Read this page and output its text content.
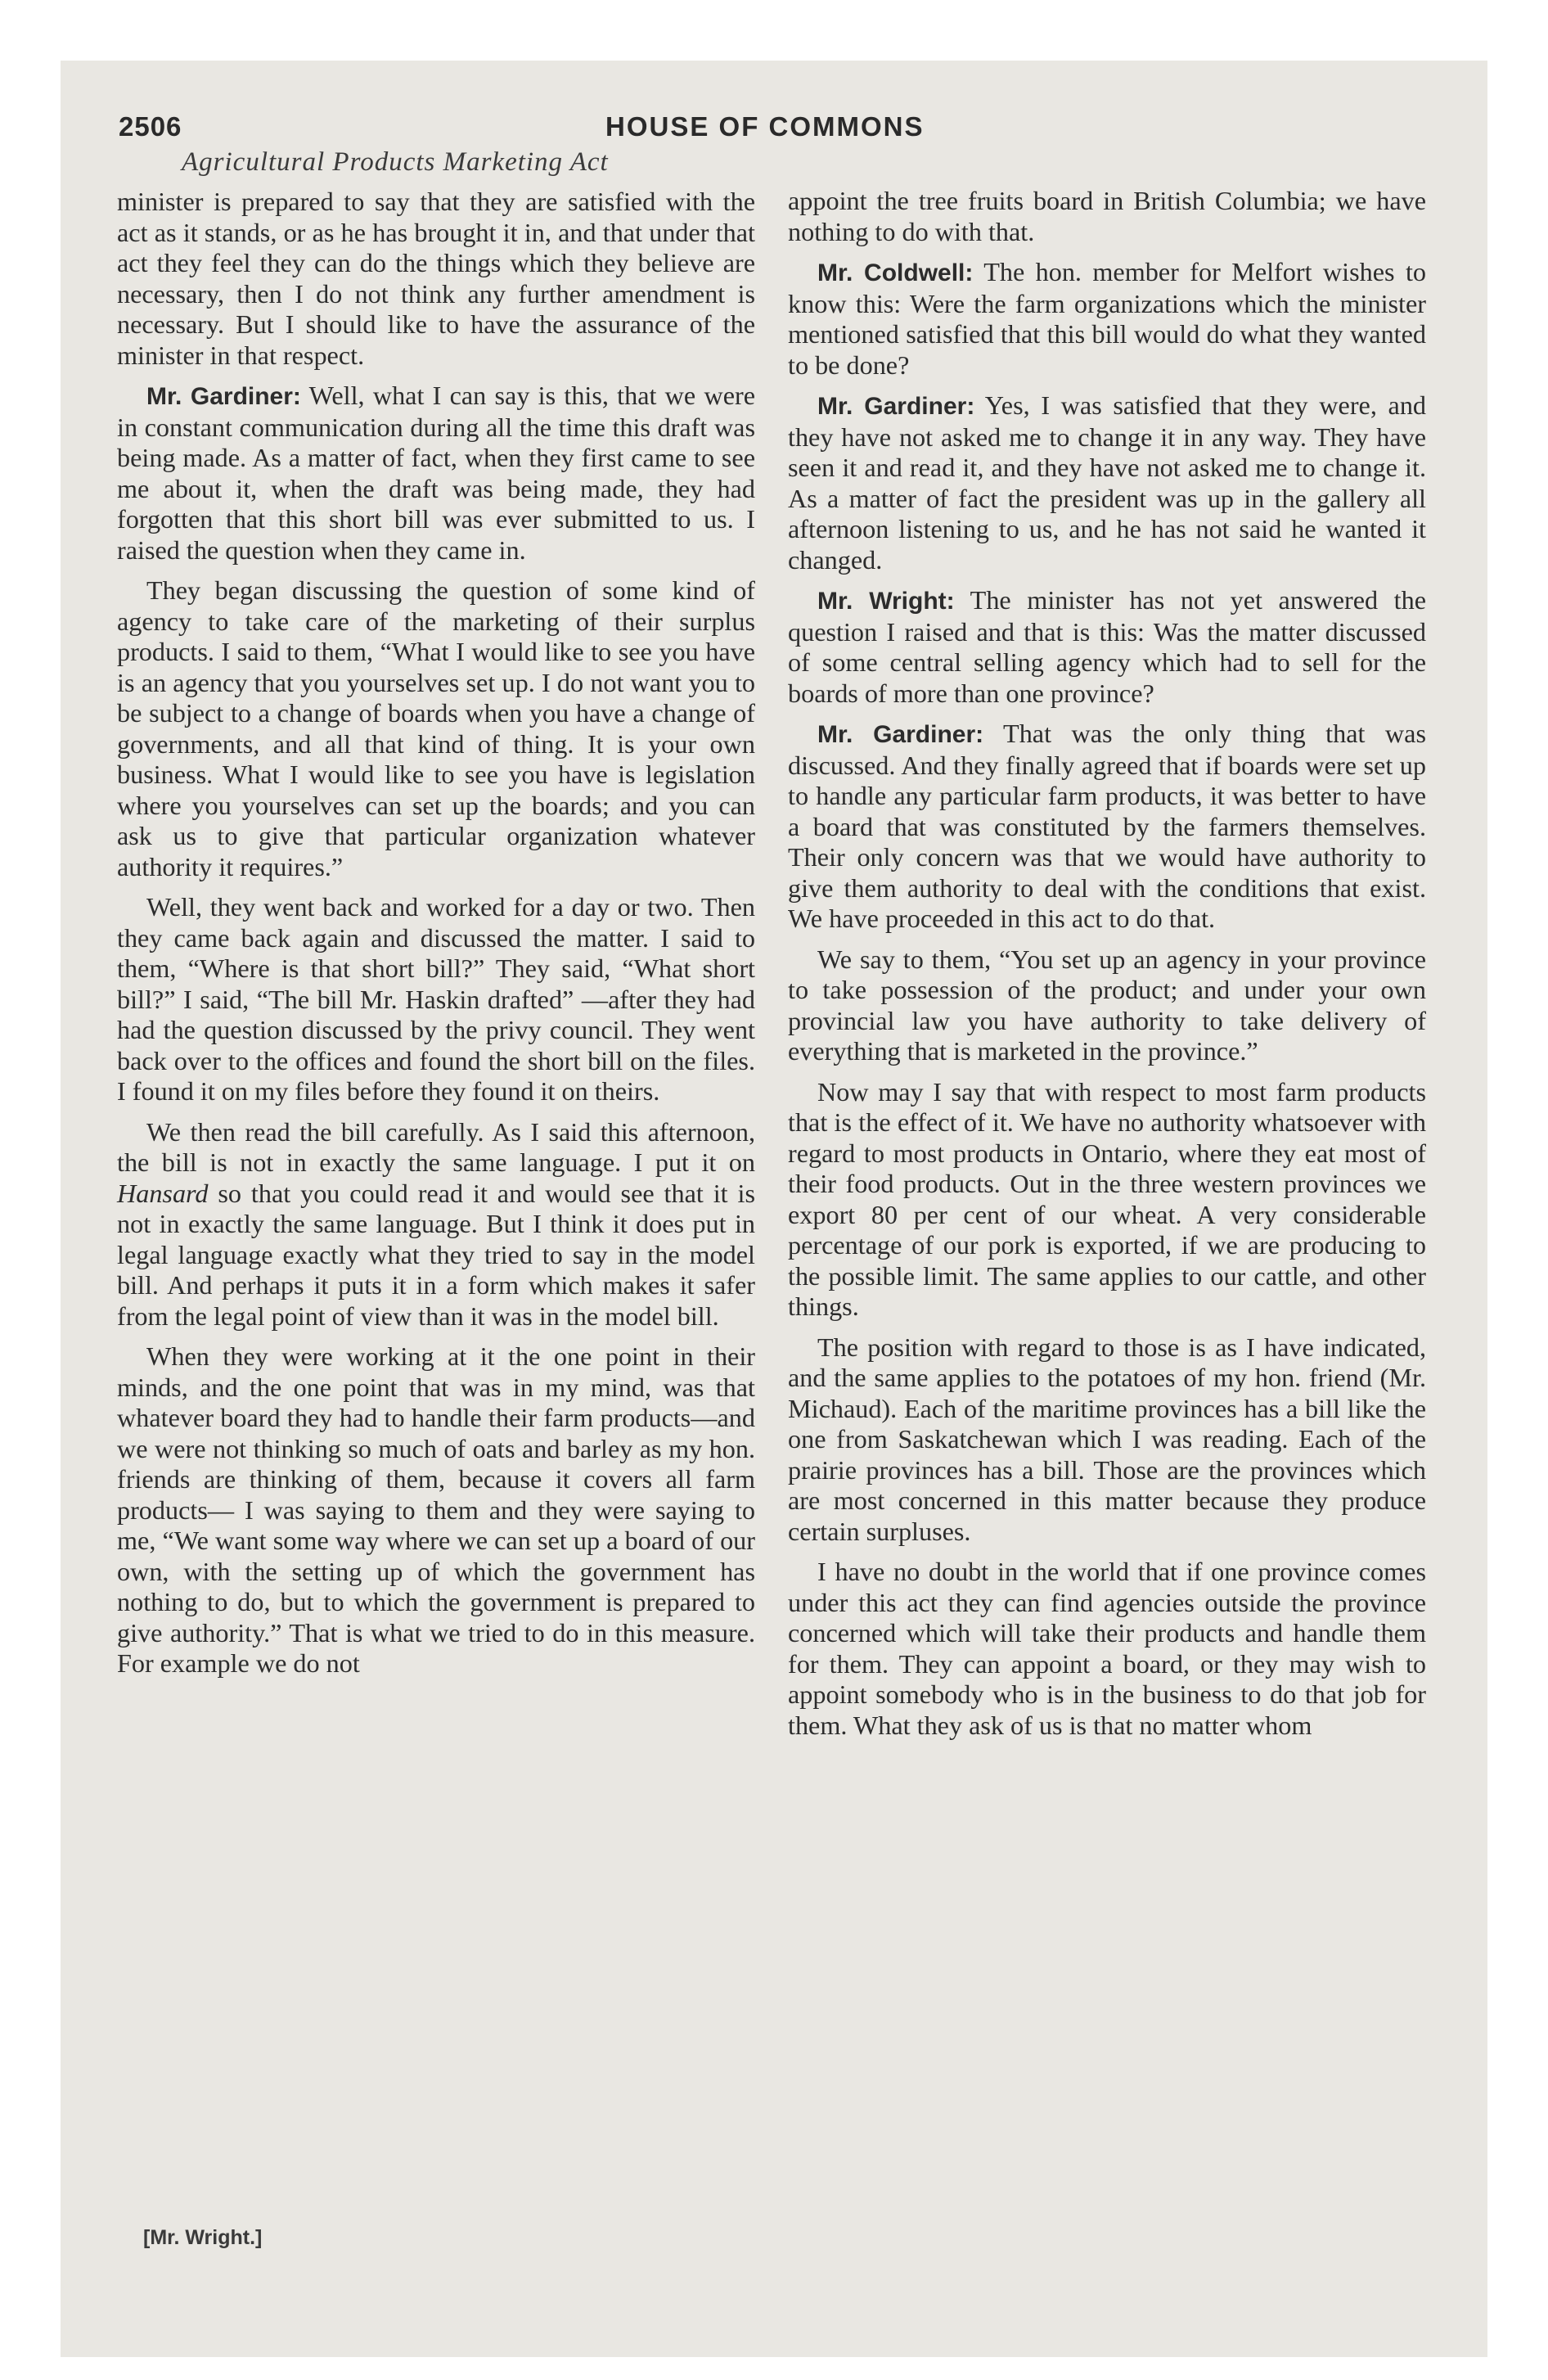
2506	HOUSE OF COMMONS
Agricultural Products Marketing Act

minister is prepared to say that they are satisfied with the act as it stands, or as he has brought it in, and that under that act they feel they can do the things which they believe are necessary, then I do not think any further amendment is necessary. But I should like to have the assurance of the minister in that respect.

Mr. Gardiner: Well, what I can say is this, that we were in constant communication during all the time this draft was being made. As a matter of fact, when they first came to see me about it, when the draft was being made, they had forgotten that this short bill was ever submitted to us. I raised the question when they came in.

They began discussing the question of some kind of agency to take care of the marketing of their surplus products. I said to them, “What I would like to see you have is an agency that you yourselves set up. I do not want you to be subject to a change of boards when you have a change of governments, and all that kind of thing. It is your own business. What I would like to see you have is legislation where you yourselves can set up the boards; and you can ask us to give that particular organization whatever authority it requires.”

Well, they went back and worked for a day or two. Then they came back again and discussed the matter. I said to them, “Where is that short bill?” They said, “What short bill?” I said, “The bill Mr. Haskin drafted” —after they had had the question discussed by the privy council. They went back over to the offices and found the short bill on the files. I found it on my files before they found it on theirs.

We then read the bill carefully. As I said this afternoon, the bill is not in exactly the same language. I put it on Hansard so that you could read it and would see that it is not in exactly the same language. But I think it does put in legal language exactly what they tried to say in the model bill. And perhaps it puts it in a form which makes it safer from the legal point of view than it was in the model bill.

When they were working at it the one point in their minds, and the one point that was in my mind, was that whatever board they had to handle their farm products—and we were not thinking so much of oats and barley as my hon. friends are thinking of them, because it covers all farm products— I was saying to them and they were saying to me, “We want some way where we can set up a board of our own, with the setting up of which the government has nothing to do, but to which the government is prepared to give authority.” That is what we tried to do in this measure. For example we do not

appoint the tree fruits board in British Columbia; we have nothing to do with that.

Mr. Coldwell: The hon. member for Melfort wishes to know this: Were the farm organizations which the minister mentioned satisfied that this bill would do what they wanted to be done?

Mr. Gardiner: Yes, I was satisfied that they were, and they have not asked me to change it in any way. They have seen it and read it, and they have not asked me to change it. As a matter of fact the president was up in the gallery all afternoon listening to us, and he has not said he wanted it changed.

Mr. Wright: The minister has not yet answered the question I raised and that is this: Was the matter discussed of some central selling agency which had to sell for the boards of more than one province?

Mr. Gardiner: That was the only thing that was discussed. And they finally agreed that if boards were set up to handle any particular farm products, it was better to have a board that was constituted by the farmers themselves. Their only concern was that we would have authority to give them authority to deal with the conditions that exist. We have proceeded in this act to do that.

We say to them, “You set up an agency in your province to take possession of the product; and under your own provincial law you have authority to take delivery of everything that is marketed in the province.”

Now may I say that with respect to most farm products that is the effect of it. We have no authority whatsoever with regard to most products in Ontario, where they eat most of their food products. Out in the three western provinces we export 80 per cent of our wheat. A very considerable percentage of our pork is exported, if we are producing to the possible limit. The same applies to our cattle, and other things.

The position with regard to those is as I have indicated, and the same applies to the potatoes of my hon. friend (Mr. Michaud). Each of the maritime provinces has a bill like the one from Saskatchewan which I was reading. Each of the prairie provinces has a bill. Those are the provinces which are most concerned in this matter because they produce certain surpluses.

I have no doubt in the world that if one province comes under this act they can find agencies outside the province concerned which will take their products and handle them for them. They can appoint a board, or they may wish to appoint somebody who is in the business to do that job for them. What they ask of us is that no matter whom

[Mr. Wright.]
